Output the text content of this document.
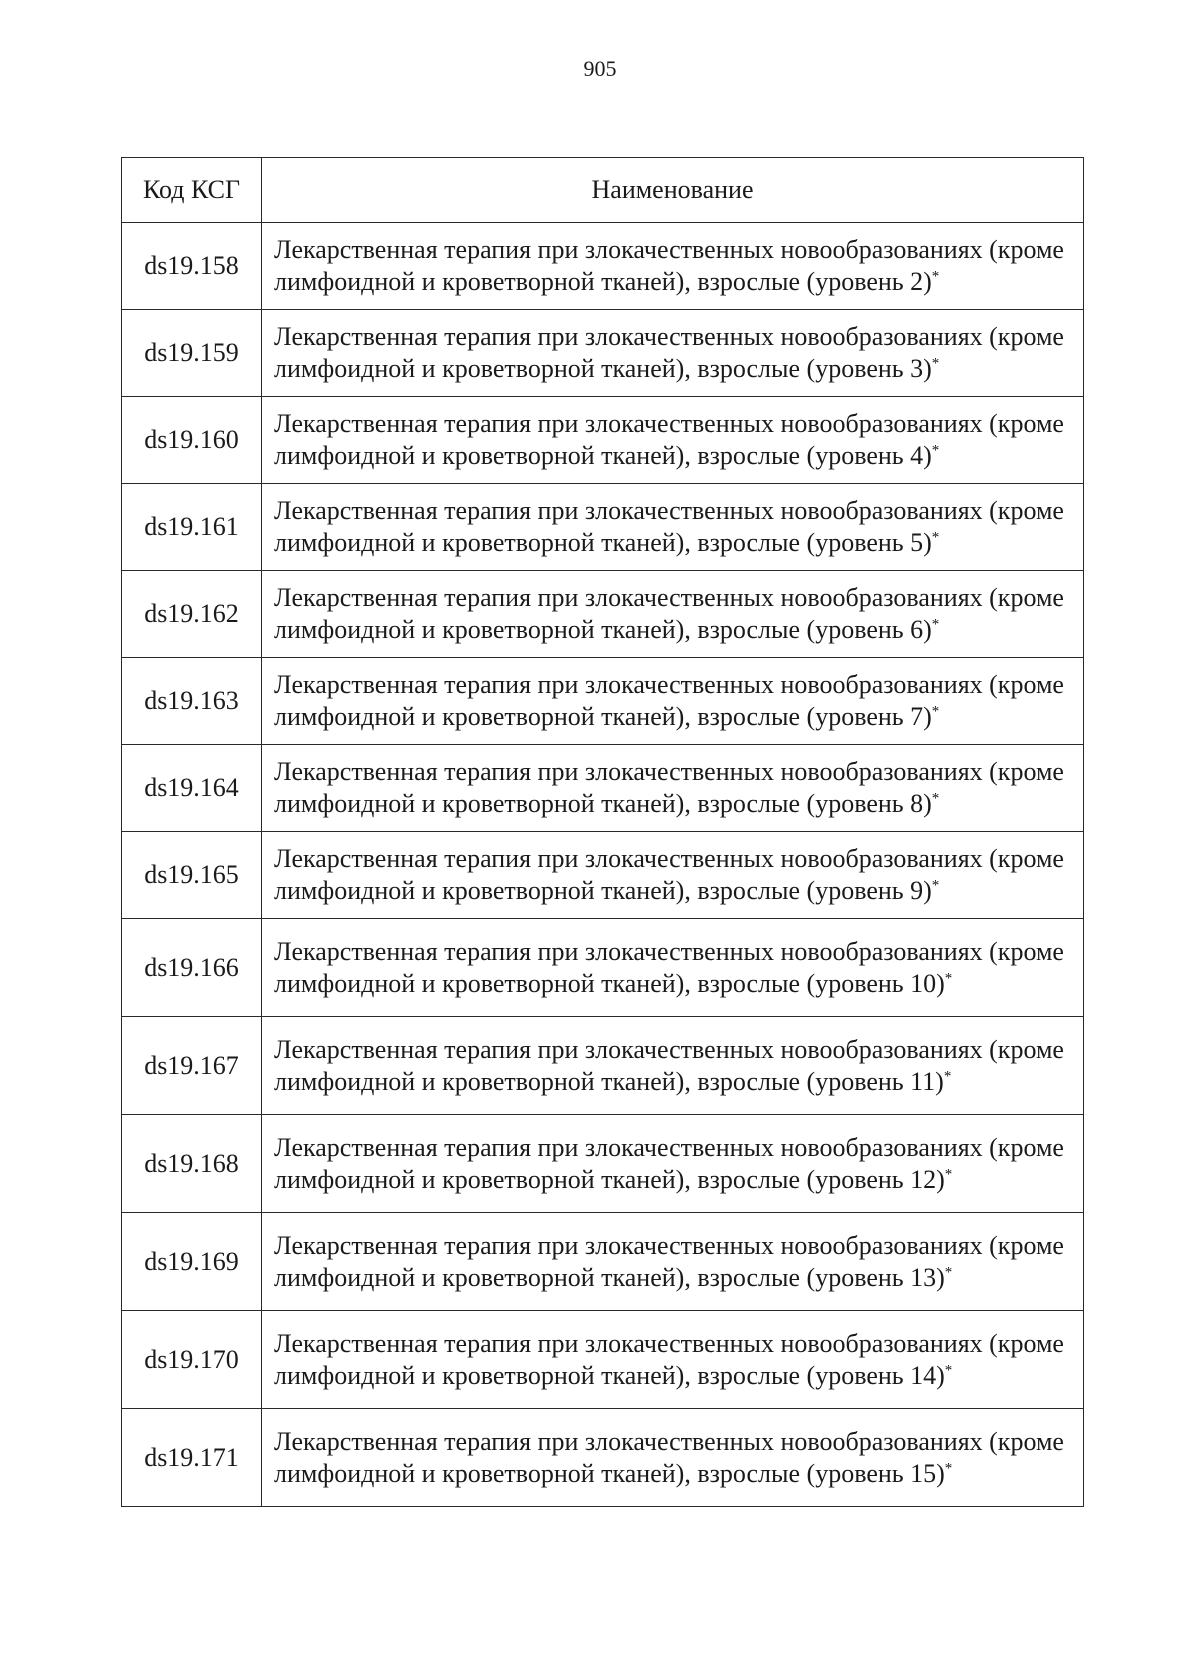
905
Код КСГ	Наименование
ds19.158	Лекарственная терапия при злокачественных новообразованиях (кроме лимфоидной и кроветворной тканей), взрослые (уровень 2)*

ds19.159	Лекарственная терапия при злокачественных новообразованиях (кроме лимфоидной и кроветворной тканей), взрослые (уровень 3)*

ds19.160	Лекарственная терапия при злокачественных новообразованиях (кроме лимфоидной и кроветворной тканей), взрослые (уровень 4)*

ds19.161	Лекарственная терапия при злокачественных новообразованиях (кроме лимфоидной и кроветворной тканей), взрослые (уровень 5)*

ds19.162	Лекарственная терапия при злокачественных новообразованиях (кроме лимфоидной и кроветворной тканей), взрослые (уровень 6)*

ds19.163	Лекарственная терапия при злокачественных новообразованиях (кроме лимфоидной и кроветворной тканей), взрослые (уровень 7)*

ds19.164	Лекарственная терапия при злокачественных новообразованиях (кроме лимфоидной и кроветворной тканей), взрослые (уровень 8)*

ds19.165	Лекарственная терапия при злокачественных новообразованиях (кроме лимфоидной и кроветворной тканей), взрослые (уровень 9)*

ds19.166	Лекарственная терапия при злокачественных новообразованиях (кроме лимфоидной и кроветворной тканей), взрослые (уровень 10)*

ds19.167	Лекарственная терапия при злокачественных новообразованиях (кроме лимфоидной и кроветворной тканей), взрослые (уровень 11)*

ds19.168	Лекарственная терапия при злокачественных новообразованиях (кроме лимфоидной и кроветворной тканей), взрослые (уровень 12)*

ds19.169	Лекарственная терапия при злокачественных новообразованиях (кроме лимфоидной и кроветворной тканей), взрослые (уровень 13)*

ds19.170	Лекарственная терапия при злокачественных новообразованиях (кроме лимфоидной и кроветворной тканей), взрослые (уровень 14)*

ds19.171	Лекарственная терапия при злокачественных новообразованиях (кроме лимфоидной и кроветворной тканей), взрослые (уровень 15)*
